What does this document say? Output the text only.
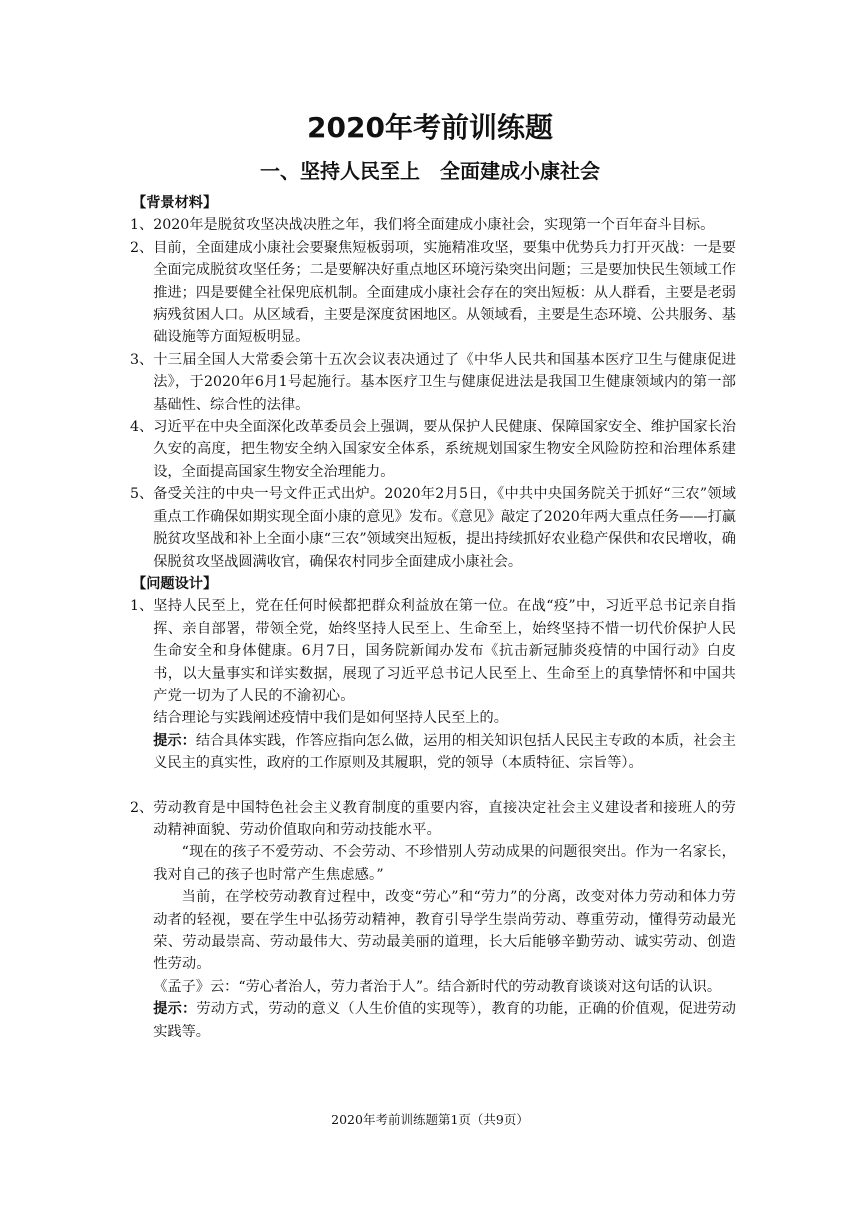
2020年考前训练题
一、坚持人民至上　全面建成小康社会
【背景材料】
1、 2020年是脱贫攻坚决战决胜之年，我们将全面建成小康社会，实现第一个百年奋斗目标。
2、 目前，全面建成小康社会要聚焦短板弱项，实施精准攻坚，要集中优势兵力打开灭战：一是要全面完成脱贫攻坚任务；二是要解决好重点地区环境污染突出问题；三是要加快民生领域工作推进；四是要健全社保兜底机制。全面建成小康社会存在的突出短板：从人群看，主要是老弱病残贫困人口。从区域看，主要是深度贫困地区。从领域看，主要是生态环境、公共服务、基础设施等方面短板明显。
3、 十三届全国人大常委会第十五次会议表决通过了《中华人民共和国基本医疗卫生与健康促进法》，于2020年6月1号起施行。基本医疗卫生与健康促进法是我国卫生健康领域内的第一部基础性、综合性的法律。
4、 习近平在中央全面深化改革委员会上强调，要从保护人民健康、保障国家安全、维护国家长治久安的高度，把生物安全纳入国家安全体系，系统规划国家生物安全风险防控和治理体系建设，全面提高国家生物安全治理能力。
5、 备受关注的中央一号文件正式出炉。2020年2月5日，《中共中央国务院关于抓好“三农”领域重点工作确保如期实现全面小康的意见》发布。《意见》敲定了2020年两大重点任务——打赢脱贫攻坚战和补上全面小康“三农”领域突出短板，提出持续抓好农业稳产保供和农民增收，确保脱贫攻坚战圆满收官，确保农村同步全面建成小康社会。
【问题设计】
1、 坚持人民至上，党在任何时候都把群众利益放在第一位。在战“疫”中，习近平总书记亲自指挥、亲自部署，带领全党，始终坚持人民至上、生命至上，始终坚持不惜一切代价保护人民生命安全和身体健康。6月7日，国务院新闻办发布《抗击新冠肺炎疫情的中国行动》白皮书，以大量事实和详实数据，展现了习近平总书记人民至上、生命至上的真挚情怀和中国共产党一切为了人民的不渝初心。
结合理论与实践阐述疫情中我们是如何坚持人民至上的。
提示：结合具体实践，作答应指向怎么做，运用的相关知识包括人民民主专政的本质，社会主义民主的真实性，政府的工作原则及其履职，党的领导（本质特征、宗旨等）。
2、 劳动教育是中国特色社会主义教育制度的重要内容，直接决定社会主义建设者和接班人的劳动精神面貌、劳动价值取向和劳动技能水平。
“现在的孩子不爱劳动、不会劳动、不珍惜别人劳动成果的问题很突出。作为一名家长，我对自己的孩子也时常产生焦虑感。”
当前，在学校劳动教育过程中，改变“劳心”和“劳力”的分离，改变对体力劳动和体力劳动者的轻视，要在学生中弘扬劳动精神，教育引导学生崇尚劳动、尊重劳动，懂得劳动最光荣、劳动最崇高、劳动最伟大、劳动最美丽的道理，长大后能够辛勤劳动、诚实劳动、创造性劳动。
《孟子》云：“劳心者治人，劳力者治于人”。结合新时代的劳动教育谈谈对这句话的认识。
提示：劳动方式，劳动的意义（人生价值的实现等），教育的功能，正确的价值观，促进劳动实践等。
2020年考前训练题第1页（共9页）
